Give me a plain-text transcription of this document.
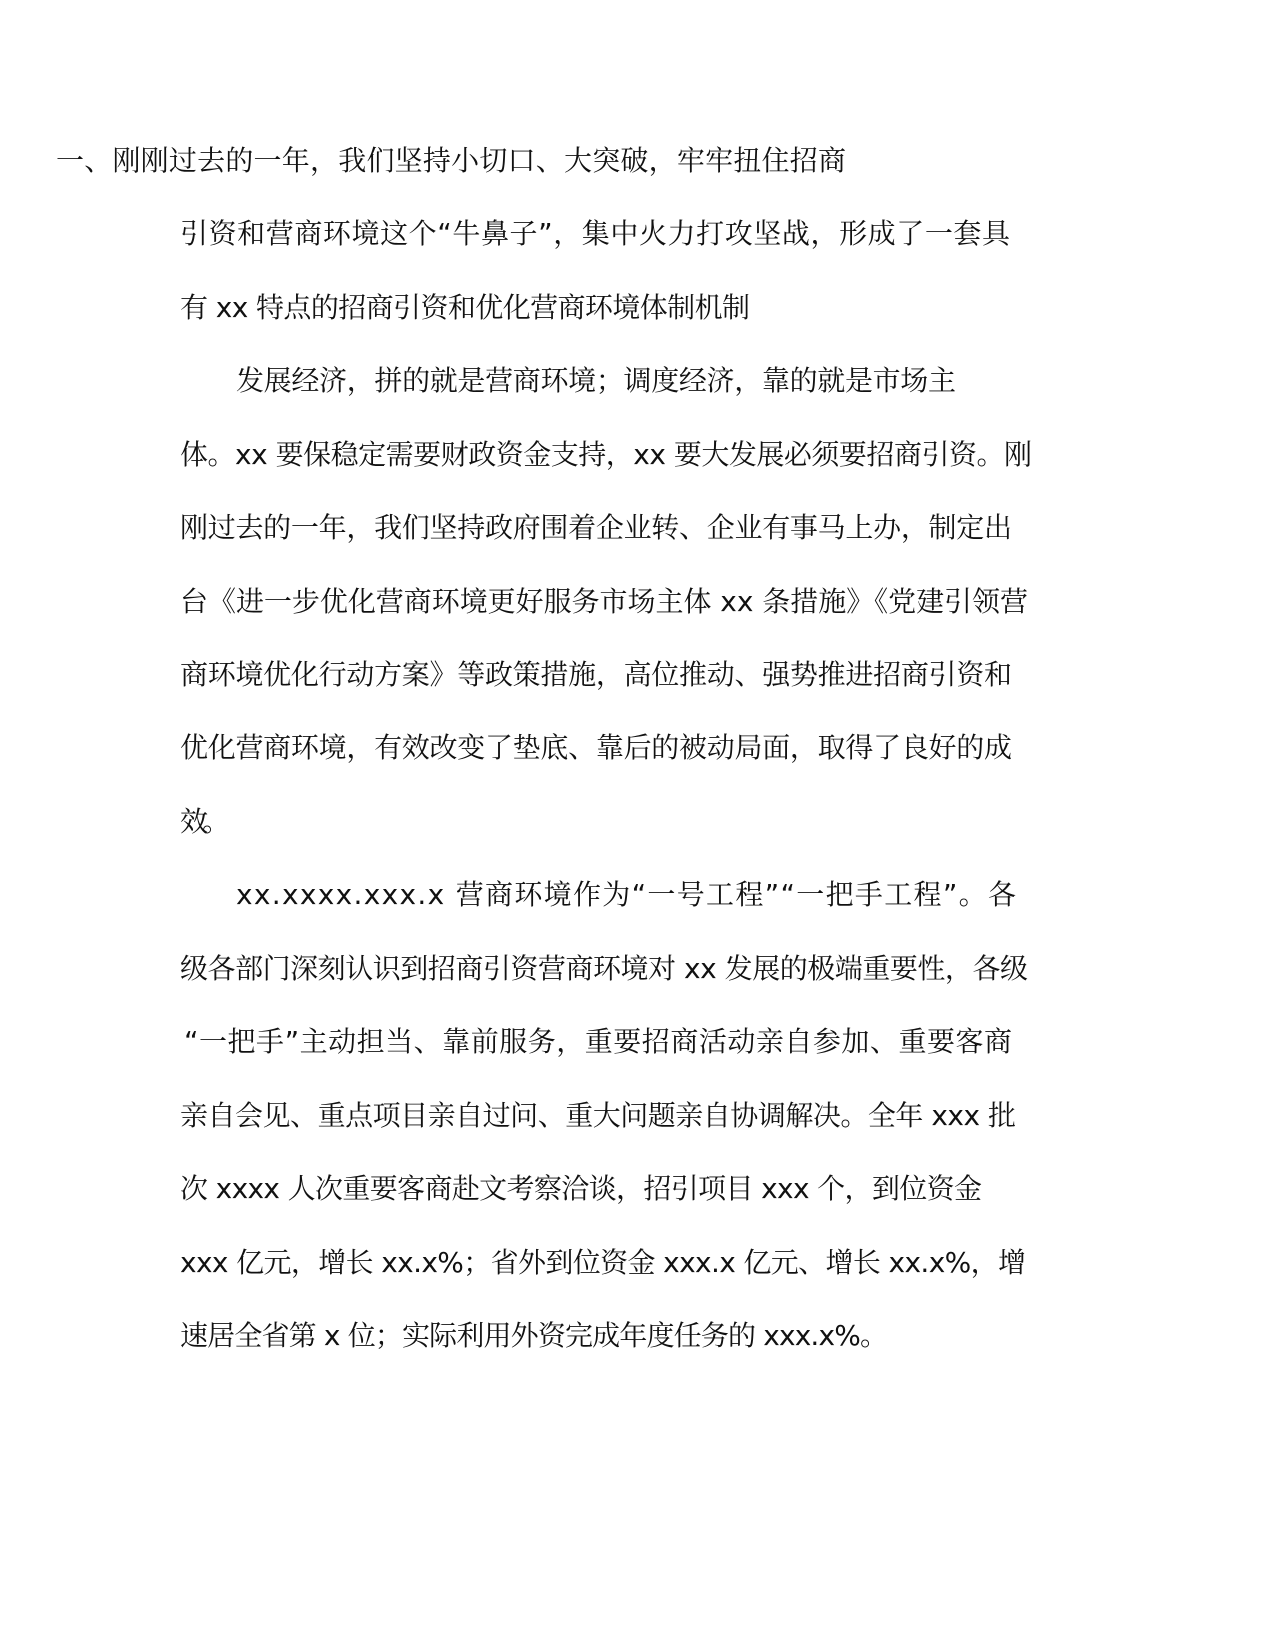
一、刚刚过去的一年，我们坚持小切口、大突破，牢牢扭住招商
引资和营商环境这个“牛鼻子”，集中火力打攻坚战，形成了一套具
有 xx 特点的招商引资和优化营商环境体制机制
发展经济，拼的就是营商环境；调度经济，靠的就是市场主
体。xx 要保稳定需要财政资金支持，xx 要大发展必须要招商引资。刚
刚过去的一年，我们坚持政府围着企业转、企业有事马上办，制定出
台《进一步优化营商环境更好服务市场主体 xx 条措施》《党建引领营
商环境优化行动方案》等政策措施，高位推动、强势推进招商引资和
优化营商环境，有效改变了垫底、靠后的被动局面，取得了良好的成
效。
xx.xxxx.xxx.x 营商环境作为“一号工程”“一把手工程”。各
级各部门深刻认识到招商引资营商环境对 xx 发展的极端重要性，各级
“一把手”主动担当、靠前服务，重要招商活动亲自参加、重要客商
亲自会见、重点项目亲自过问、重大问题亲自协调解决。全年 xxx 批
次 xxxx 人次重要客商赴文考察洽谈，招引项目 xxx 个，到位资金
xxx 亿元，增长 xx.x%；省外到位资金 xxx.x 亿元、增长 xx.x%，增
速居全省第 x 位；实际利用外资完成年度任务的 xxx.x%。
